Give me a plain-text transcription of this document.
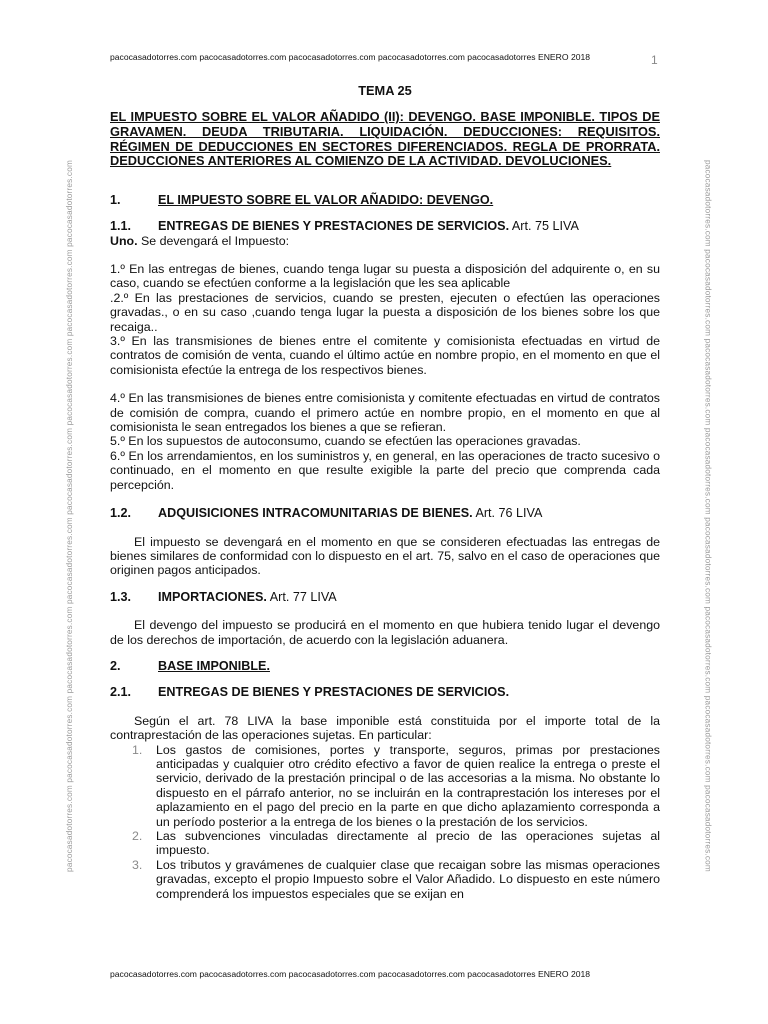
pacocasadotorres.com pacocasadotorres.com pacocasadotorres.com pacocasadotorres.com pacocasadotorres ENERO 2018	1
pacocasadotorres.com pacocasadotorres.com pacocasadotorres.com pacocasadotorres.com pacocasadotorres.com pacocasadotorres.com pacocasadotorres.com pacocasadotorres.com	pacocasadotorres.com pacocasadotorres.com pacocasadotorres.com pacocasadotorres.com pacocasadotorres.com pacocasadotorres.com pacocasadotorres.com pacocasadotorres.com
TEMA 25

EL IMPUESTO SOBRE EL VALOR AÑADIDO (II): DEVENGO. BASE IMPONIBLE. TIPOS DE GRAVAMEN. DEUDA TRIBUTARIA. LIQUIDACIÓN. DEDUCCIONES: REQUISITOS. RÉGIMEN DE DEDUCCIONES EN SECTORES DIFERENCIADOS. REGLA DE PRORRATA. DEDUCCIONES ANTERIORES AL COMIENZO DE LA ACTIVIDAD. DEVOLUCIONES.

1.	EL IMPUESTO SOBRE EL VALOR AÑADIDO: DEVENGO.
1.1. ENTREGAS DE BIENES Y PRESTACIONES DE SERVICIOS. Art. 75 LIVA

Uno. Se devengará el Impuesto:

1.º En las entregas de bienes, cuando tenga lugar su puesta a disposición del adquirente o, en su caso, cuando se efectúen conforme a la legislación que les sea aplicable

.2.º En las prestaciones de servicios, cuando se presten, ejecuten o efectúen las operaciones gravadas., o en su caso ,cuando tenga lugar la puesta a disposición de los bienes sobre los que recaiga..

3.º En las transmisiones de bienes entre el comitente y comisionista efectuadas en virtud de contratos de comisión de venta, cuando el último actúe en nombre propio, en el momento en que el comisionista efectúe la entrega de los respectivos bienes.

4.º En las transmisiones de bienes entre comisionista y comitente efectuadas en virtud de contratos de comisión de compra, cuando el primero actúe en nombre propio, en el momento en que al comisionista le sean entregados los bienes a que se refieran.

5.º En los supuestos de autoconsumo, cuando se efectúen las operaciones gravadas.

6.º En los arrendamientos, en los suministros y, en general, en las operaciones de tracto sucesivo o continuado, en el momento en que resulte exigible la parte del precio que comprenda cada percepción.

1.2. ADQUISICIONES INTRACOMUNITARIAS DE BIENES. Art. 76 LIVA

El impuesto se devengará en el momento en que se consideren efectuadas las entregas de bienes similares de conformidad con lo dispuesto en el art. 75, salvo en el caso de operaciones que originen pagos anticipados.

1.3. IMPORTACIONES. Art. 77 LIVA

El devengo del impuesto se producirá en el momento en que hubiera tenido lugar el devengo de los derechos de importación, de acuerdo con la legislación aduanera.

2.	BASE IMPONIBLE.
2.1. ENTREGAS DE BIENES Y PRESTACIONES DE SERVICIOS.

Según el art. 78 LIVA la base imponible está constituida por el importe total de la contraprestación de las operaciones sujetas. En particular:

1. Los gastos de comisiones, portes y transporte, seguros, primas por prestaciones anticipadas y cualquier otro crédito efectivo a favor de quien realice la entrega o preste el servicio, derivado de la prestación principal o de las accesorias a la misma. No obstante lo dispuesto en el párrafo anterior, no se incluirán en la contraprestación los intereses por el aplazamiento en el pago del precio en la parte en que dicho aplazamiento corresponda a un período posterior a la entrega de los bienes o la prestación de los servicios.
2. Las subvenciones vinculadas directamente al precio de las operaciones sujetas al impuesto.
3. Los tributos y gravámenes de cualquier clase que recaigan sobre las mismas operaciones gravadas, excepto el propio Impuesto sobre el Valor Añadido. Lo dispuesto en este número comprenderá los impuestos especiales que se exijan en
pacocasadotorres.com pacocasadotorres.com pacocasadotorres.com pacocasadotorres.com pacocasadotorres ENERO 2018
